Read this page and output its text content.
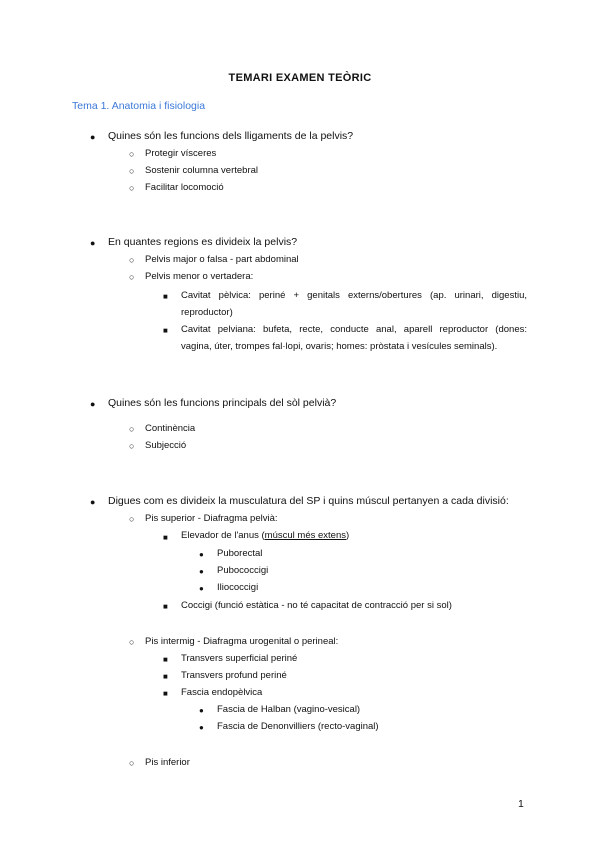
TEMARI EXAMEN TEÒRIC
Tema 1. Anatomia i fisiologia
● Quines són les funcions dels lligaments de la pelvis?
○ Protegir vísceres
○ Sostenir columna vertebral
○ Facilitar locomoció
● En quantes regions es divideix la pelvis?
○ Pelvis major o falsa - part abdominal
○ Pelvis menor o vertadera:
■ Cavitat pèlvica: periné + genitals externs/obertures (ap. urinari, digestiu,
reproductor)
■ Cavitat pelviana: bufeta, recte, conducte anal, aparell reproductor (dones:
vagina, úter, trompes fal·lopi, ovaris; homes: pròstata i vesícules seminals).
● Quines són les funcions principals del sòl pelvià?
○ Continència
○ Subjecció
● Digues com es divideix la musculatura del SP i quins múscul pertanyen a cada divisió:
○ Pis superior - Diafragma pelvià:
■ Elevador de l'anus (múscul més extens)
● Puborectal
● Pubococcigi
● Iliococcigi
■ Coccigi (funció estàtica - no té capacitat de contracció per si sol)
○ Pis intermig - Diafragma urogenital o perineal:
■ Transvers superficial periné
■ Transvers profund periné
■ Fascia endopèlvica
● Fascia de Halban (vagino-vesical)
● Fascia de Denonvilliers (recto-vaginal)
○ Pis inferior
1
